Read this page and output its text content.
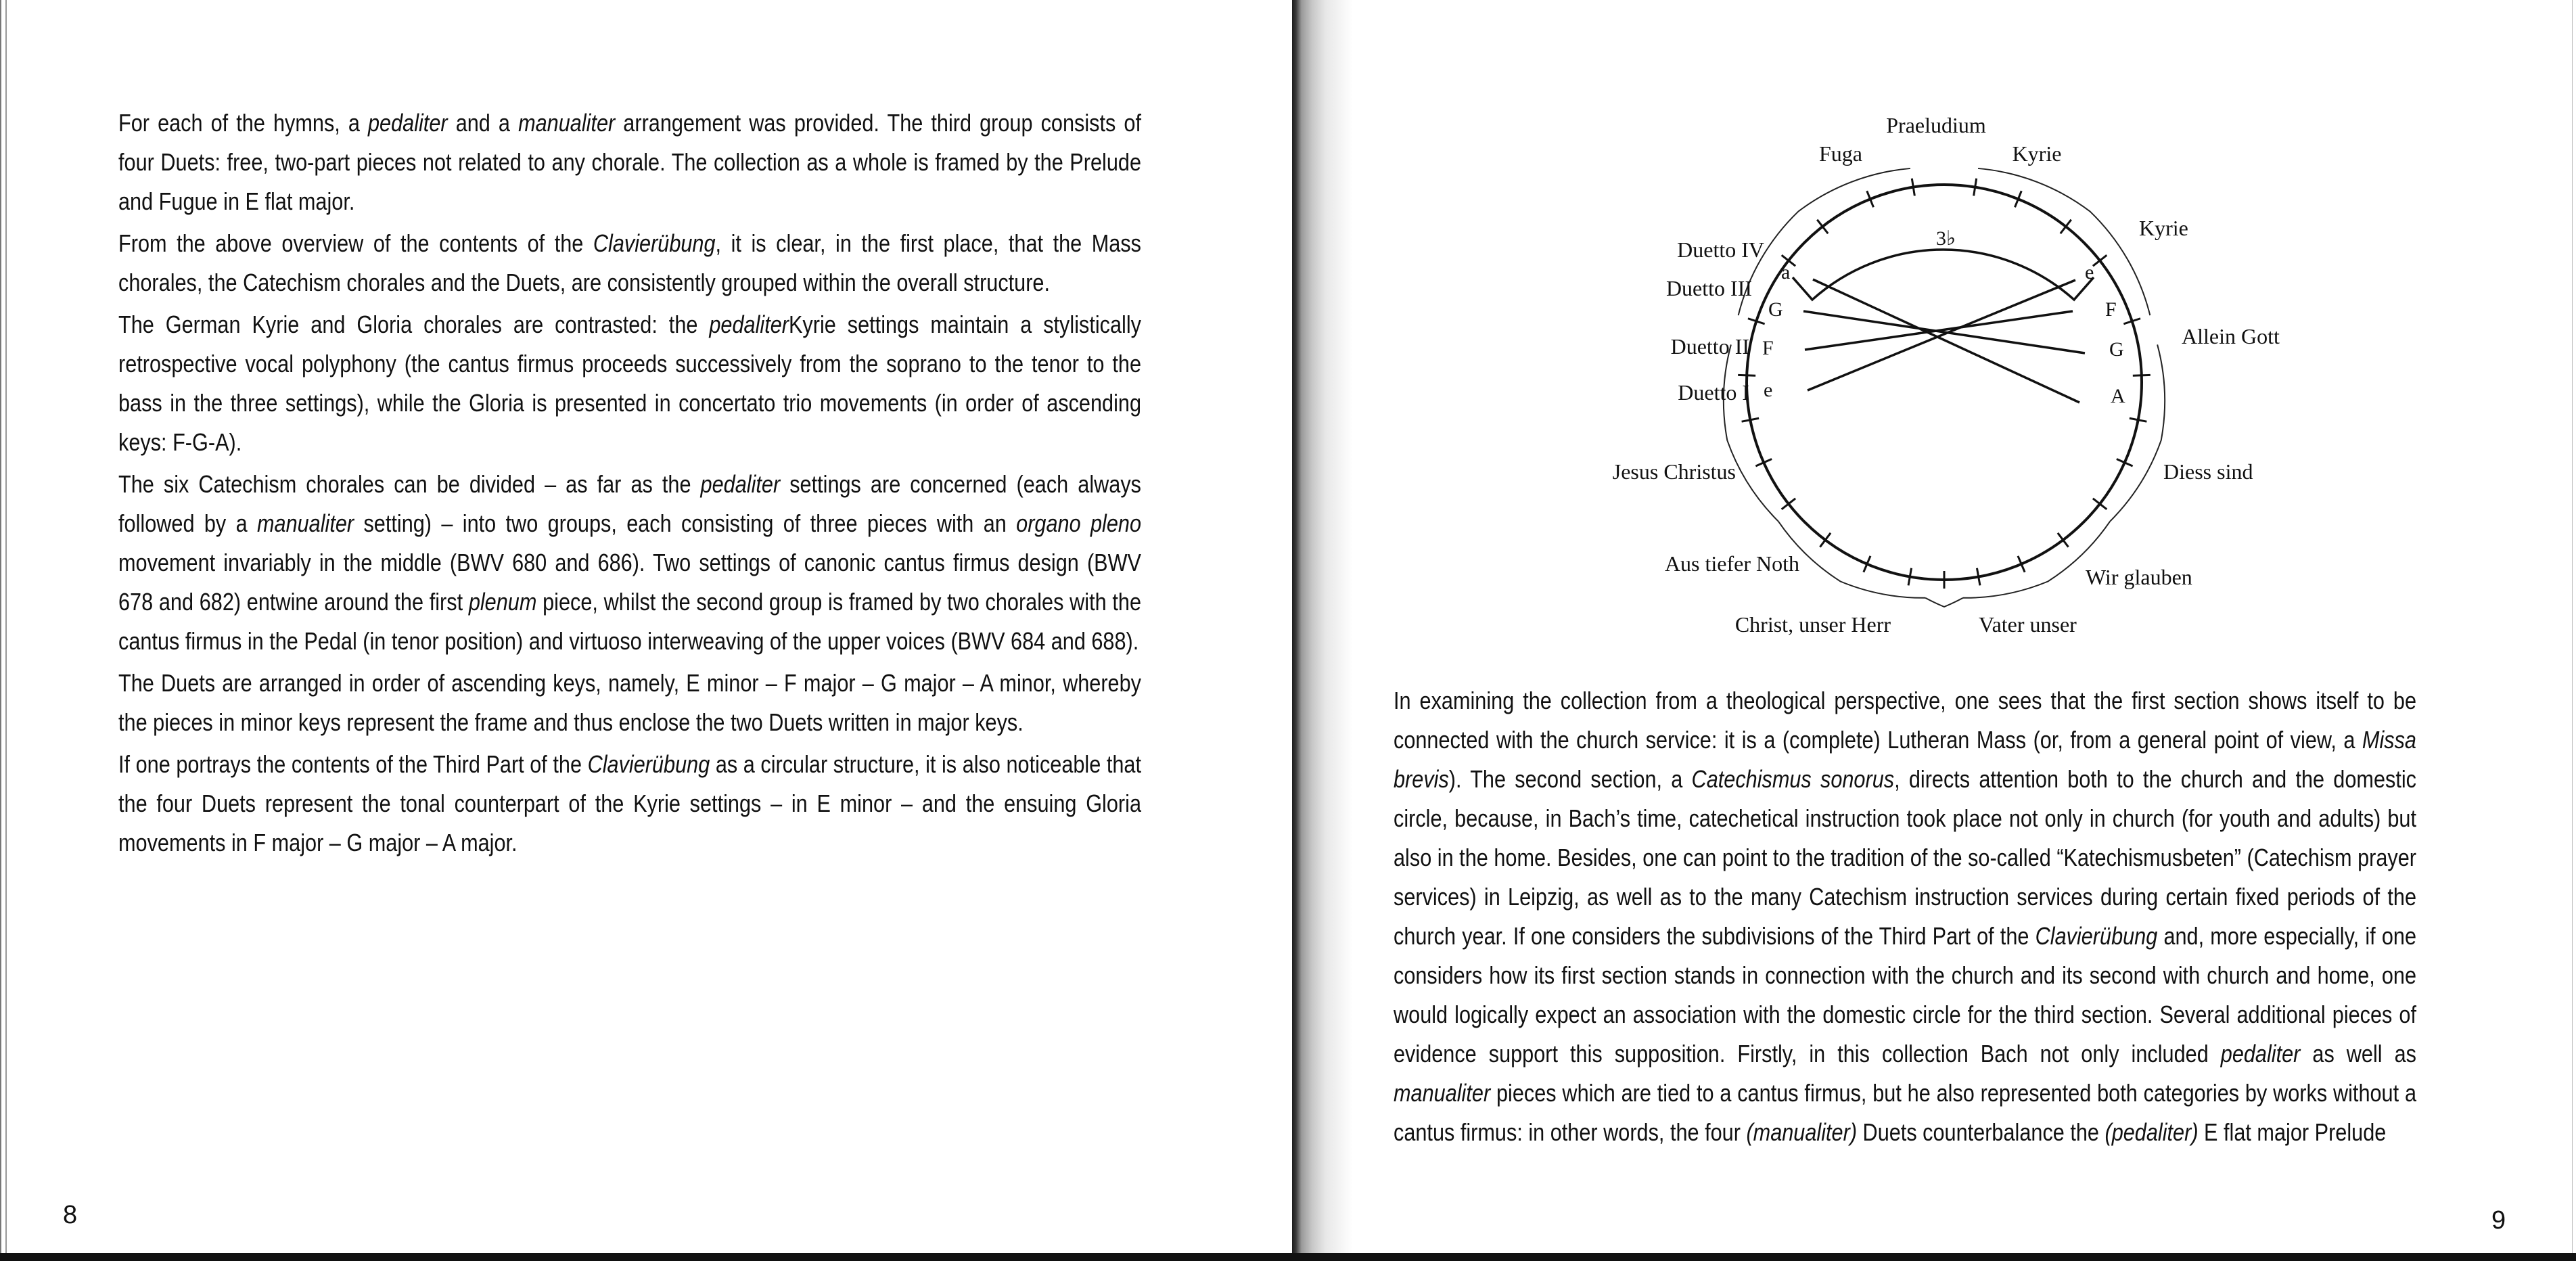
For each of the hymns, a pedaliter and a manualiter arrangement was provided. The third group consists of four Duets: free, two-part pieces not related to any chorale. The collection as a whole is framed by the Prelude and Fugue in E flat major.

From the above overview of the contents of the Clavierübung, it is clear, in the first place, that the Mass chorales, the Catechism chorales and the Duets, are consistently grouped within the overall structure.

The German Kyrie and Gloria chorales are contrasted: the pedaliterKyrie settings maintain a stylistically retrospective vocal polyphony (the cantus firmus proceeds successively from the soprano to the tenor to the bass in the three settings), while the Gloria is presented in concertato trio movements (in order of ascending keys: F-G-A).

The six Catechism chorales can be divided – as far as the pedaliter settings are concerned (each always followed by a manualiter setting) – into two groups, each consisting of three pieces with an organo pleno movement invariably in the middle (BWV 680 and 686). Two settings of canonic cantus firmus design (BWV 678 and 682) entwine around the first plenum piece, whilst the second group is framed by two chorales with the cantus firmus in the Pedal (in tenor position) and virtuoso interweaving of the upper voices (BWV 684 and 688).

The Duets are arranged in order of ascending keys, namely, E minor – F major – G major – A minor, whereby the pieces in minor keys represent the frame and thus enclose the two Duets written in major keys.

If one portrays the contents of the Third Part of the Clavierübung as a circular structure, it is also noticeable that the four Duets represent the tonal counterpart of the Kyrie settings – in E minor – and the ensuing Gloria movements in F major – G major – A major.

8
3♭
a
G
F
e
e
F
G
A
Praeludium
Fuga	Kyrie
Kyrie
Allein Gott
Diess sind
Wir glauben
Vater unser
Christ, unser Herr
Aus tiefer Noth
Jesus Christus
Duetto IV
Duetto III
Duetto II
Duetto I

In examining the collection from a theological perspective, one sees that the first section shows itself to be connected with the church service: it is a (complete) Lutheran Mass (or, from a general point of view, a Missa brevis). The second section, a Catechismus sonorus, directs attention both to the church and the domestic circle, because, in Bach’s time, catechetical instruction took place not only in church (for youth and adults) but also in the home. Besides, one can point to the tradition of the so-called “Katechismusbeten” (Catechism prayer services) in Leipzig, as well as to the many Catechism instruction services during certain fixed periods of the church year. If one considers the subdivisions of the Third Part of the Clavierübung and, more especially, if one considers how its first section stands in connection with the church and its second with church and home, one would logically expect an association with the domestic circle for the third section. Several additional pieces of evidence support this supposition. Firstly, in this collection Bach not only included pedaliter as well as manualiter pieces which are tied to a cantus firmus, but he also represented both categories by works without a cantus firmus: in other words, the four (manualiter) Duets counterbalance the (pedaliter) E flat major Prelude

9
